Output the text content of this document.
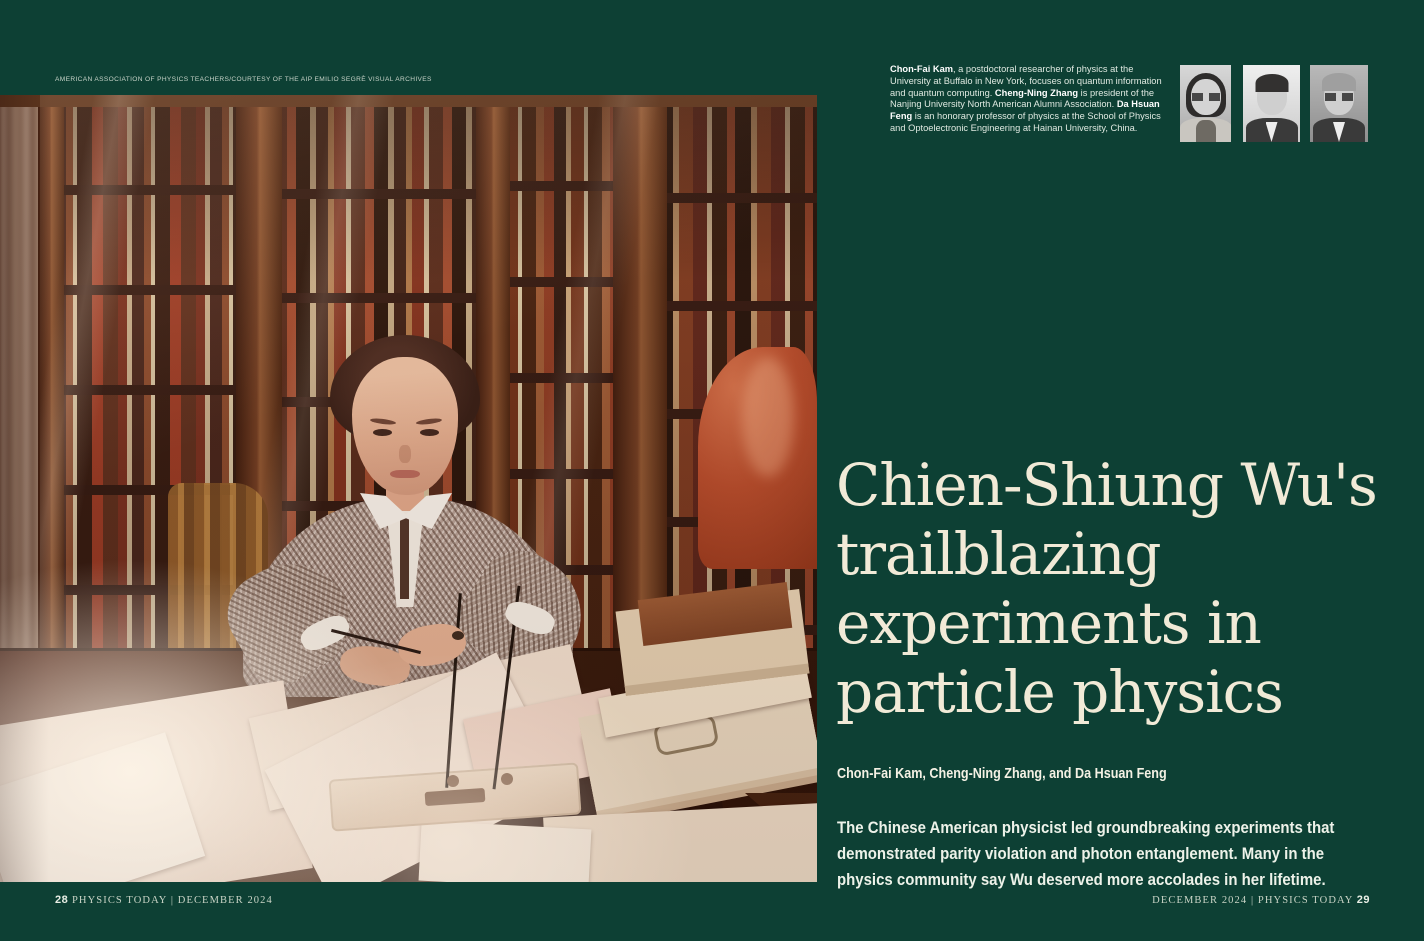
AMERICAN ASSOCIATION OF PHYSICS TEACHERS/COURTESY OF THE AIP EMILIO SEGRÈ VISUAL ARCHIVES
Chon-Fai Kam, a postdoctoral researcher of physics at the University at Buffalo in New York, focuses on quantum information and quantum computing. Cheng-Ning Zhang is president of the Nanjing University North American Alumni Association. Da Hsuan Feng is an honorary professor of physics at the School of Physics and Optoelectronic Engineering at Hainan University, China.
Chien-Shiung Wu's
trailblazing
experiments in
particle physics
Chon-Fai Kam, Cheng-Ning Zhang, and Da Hsuan Feng
The Chinese American physicist led groundbreaking experiments that
demonstrated parity violation and photon entanglement. Many in the
physics community say Wu deserved more accolades in her lifetime.
28 PHYSICS TODAY | DECEMBER 2024	DECEMBER 2024 | PHYSICS TODAY 29
